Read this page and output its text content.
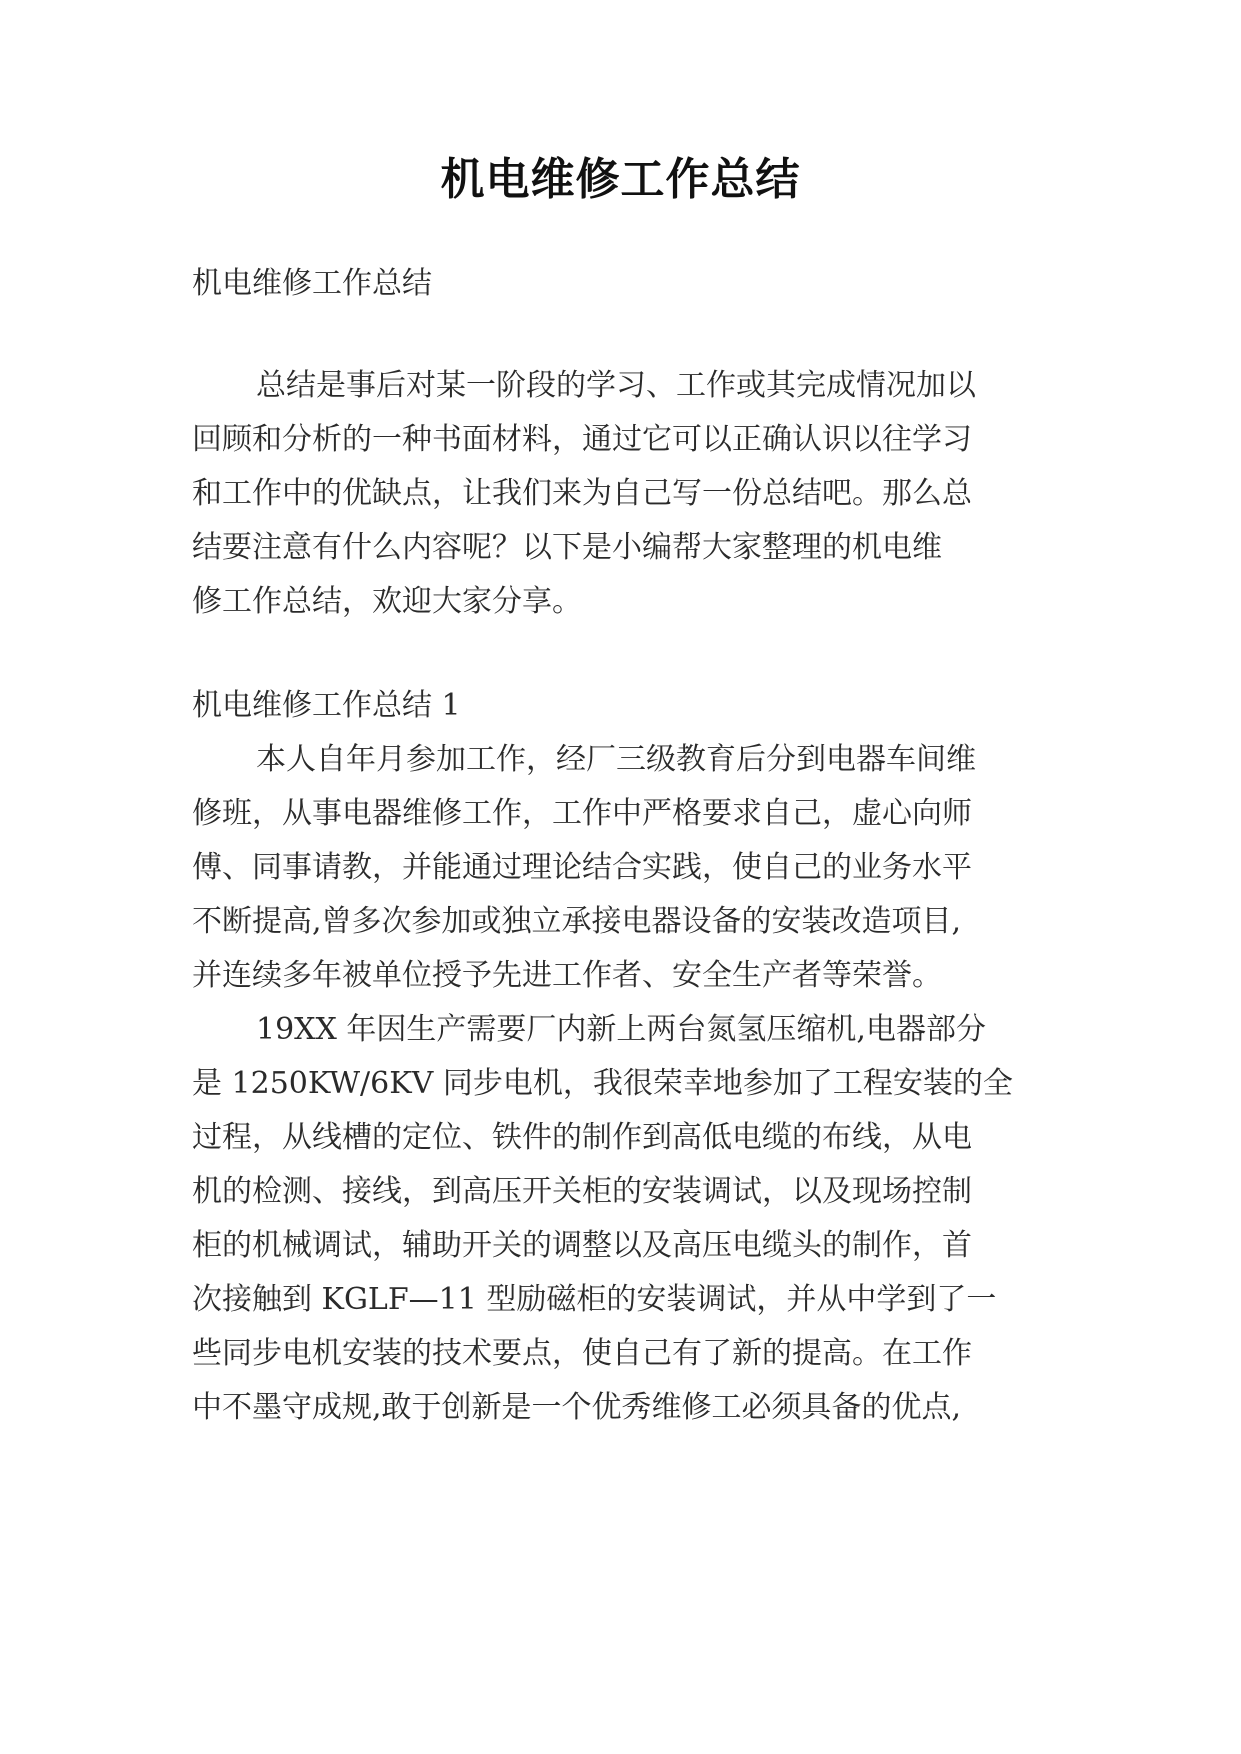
机电维修工作总结
机电维修工作总结
总结是事后对某一阶段的学习、工作或其完成情况加以
回顾和分析的一种书面材料，通过它可以正确认识以往学习
和工作中的优缺点，让我们来为自己写一份总结吧。那么总
结要注意有什么内容呢？以下是小编帮大家整理的机电维
修工作总结，欢迎大家分享。
机电维修工作总结 1
本人自年月参加工作，经厂三级教育后分到电器车间维
修班，从事电器维修工作，工作中严格要求自己，虚心向师
傅、同事请教，并能通过理论结合实践，使自己的业务水平
不断提高,曾多次参加或独立承接电器设备的安装改造项目,
并连续多年被单位授予先进工作者、安全生产者等荣誉。
19XX 年因生产需要厂内新上两台氮氢压缩机,电器部分
是 1250KW/6KV 同步电机，我很荣幸地参加了工程安装的全
过程，从线槽的定位、铁件的制作到高低电缆的布线，从电
机的检测、接线，到高压开关柜的安装调试，以及现场控制
柜的机械调试，辅助开关的调整以及高压电缆头的制作，首
次接触到 KGLF—11 型励磁柜的安装调试，并从中学到了一
些同步电机安装的技术要点，使自己有了新的提高。在工作
中不墨守成规,敢于创新是一个优秀维修工必须具备的优点,
